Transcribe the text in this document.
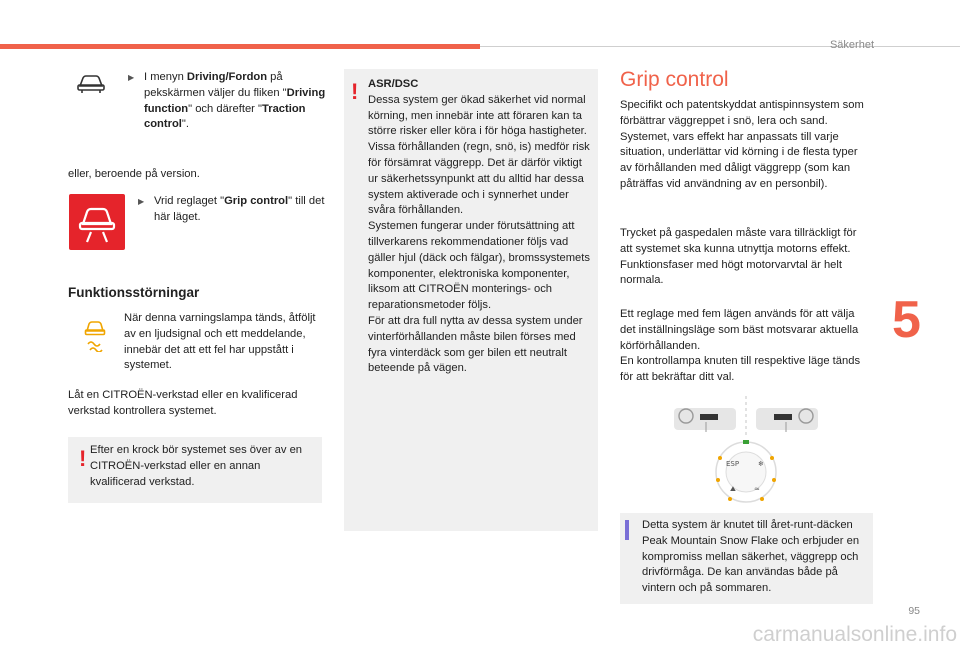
Säkerhet
▶ I menyn Driving/Fordon på pekskärmen väljer du fliken "Driving function" och därefter "Traction control".
eller, beroende på version.
▶ Vrid reglaget "Grip control" till det här läget.
Funktionsstörningar
När denna varningslampa tänds, åtföljt av en ljudsignal och ett meddelande, innebär det att ett fel har uppstått i systemet.
Låt en CITROËN-verkstad eller en kvalificerad verkstad kontrollera systemet.
! Efter en krock bör systemet ses över av en CITROËN-verkstad eller en annan kvalificerad verkstad.
! ASR/DSC
Dessa system ger ökad säkerhet vid normal körning, men innebär inte att föraren kan ta större risker eller köra i för höga hastigheter.
Vissa förhållanden (regn, snö, is) medför risk för försämrat väggrepp. Det är därför viktigt ur säkerhetssynpunkt att du alltid har dessa system aktiverade och i synnerhet under svåra förhållanden.
Systemen fungerar under förutsättning att tillverkarens rekommendationer följs vad gäller hjul (däck och fälgar), bromssystemets komponenter, elektroniska komponenter, liksom att CITROËN monterings- och reparationsmetoder följs.
För att dra full nytta av dessa system under vinterförhållanden måste bilen förses med fyra vinterdäck som ger bilen ett neutralt beteende på vägen.
Grip control
Specifikt och patentskyddat antispinnsystem som förbättrar väggreppet i snö, lera och sand. Systemet, vars effekt har anpassats till varje situation, underlättar vid körning i de flesta typer av förhållanden med dåligt väggrepp (som kan påträffas vid användning av en personbil).
Trycket på gaspedalen måste vara tillräckligt för att systemet ska kunna utnyttja motorns effekt. Funktionsfaser med högt motorvarvtal är helt normala.
Ett reglage med fem lägen används för att välja det inställningsläge som bäst motsvarar aktuella körförhållanden.
En kontrollampa knuten till respektive läge tänds för att bekräftar ditt val.
ESP	❄
⛰	≈
Detta system är knutet till året-runt-däcken Peak Mountain Snow Flake och erbjuder en kompromiss mellan säkerhet, väggrepp och drivförmåga. De kan användas både på vintern och på sommaren.
5
95
carmanualsonline.info
